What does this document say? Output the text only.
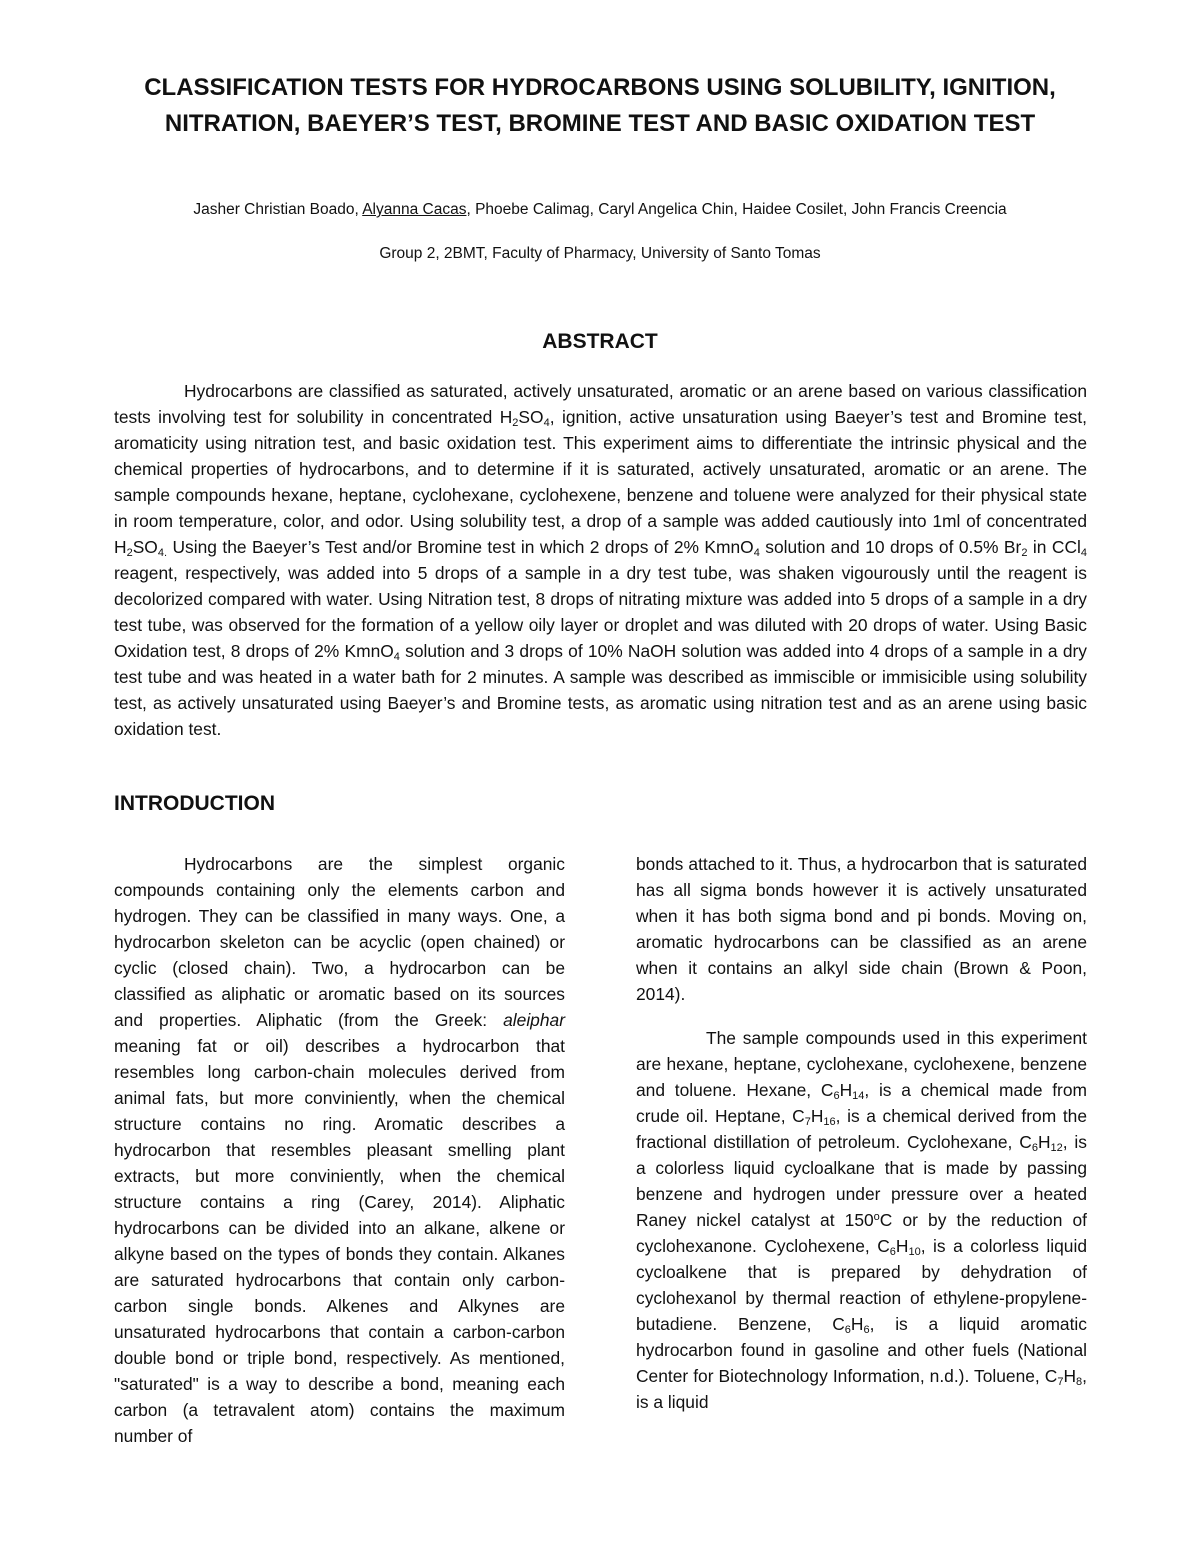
CLASSIFICATION TESTS FOR HYDROCARBONS USING SOLUBILITY, IGNITION, NITRATION, BAEYER’S TEST, BROMINE TEST AND BASIC OXIDATION TEST

Jasher Christian Boado, Alyanna Cacas, Phoebe Calimag, Caryl Angelica Chin, Haidee Cosilet, John Francis Creencia

Group 2, 2BMT, Faculty of Pharmacy, University of Santo Tomas

ABSTRACT

Hydrocarbons are classified as saturated, actively unsaturated, aromatic or an arene based on various classification tests involving test for solubility in concentrated $H_2SO_4$, ignition, active unsaturation using Baeyer’s test and Bromine test, aromaticity using nitration test, and basic oxidation test. This experiment aims to differentiate the intrinsic physical and the chemical properties of hydrocarbons, and to determine if it is saturated, actively unsaturated, aromatic or an arene. The sample compounds hexane, heptane, cyclohexane, cyclohexene, benzene and toluene were analyzed for their physical state in room temperature, color, and odor. Using solubility test, a drop of a sample was added cautiously into 1ml of concentrated $H_2SO_{4.}$ Using the Baeyer’s Test and/or Bromine test in which 2 drops of 2% KmnO$_4$ solution and 10 drops of 0.5% $Br_2$ in CCl$_4$ reagent, respectively, was added into 5 drops of a sample in a dry test tube, was shaken vigourously until the reagent is decolorized compared with water. Using Nitration test, 8 drops of nitrating mixture was added into 5 drops of a sample in a dry test tube, was observed for the formation of a yellow oily layer or droplet and was diluted with 20 drops of water. Using Basic Oxidation test, 8 drops of 2% KmnO$_4$ solution and 3 drops of 10% NaOH solution was added into 4 drops of a sample in a dry test tube and was heated in a water bath for 2 minutes. A sample was described as immiscible or immisicible using solubility test, as actively unsaturated using Baeyer’s and Bromine tests, as aromatic using nitration test and as an arene using basic oxidation test.

INTRODUCTION

Hydrocarbons are the simplest organic compounds containing only the elements carbon and hydrogen. They can be classified in many ways. One, a hydrocarbon skeleton can be acyclic (open chained) or cyclic (closed chain). Two, a hydrocarbon can be classified as aliphatic or aromatic based on its sources and properties. Aliphatic (from the Greek: aleiphar meaning fat or oil) describes a hydrocarbon that resembles long carbon-chain molecules derived from animal fats, but more conviniently, when the chemical structure contains no ring. Aromatic describes a hydrocarbon that resembles pleasant smelling plant extracts, but more conviniently, when the chemical structure contains a ring (Carey, 2014). Aliphatic hydrocarbons can be divided into an alkane, alkene or alkyne based on the types of bonds they contain. Alkanes are saturated hydrocarbons that contain only carbon-carbon single bonds. Alkenes and Alkynes are unsaturated hydrocarbons that contain a carbon-carbon double bond or triple bond, respectively. As mentioned, "saturated" is a way to describe a bond, meaning each carbon (a tetravalent atom) contains the maximum number of

bonds attached to it. Thus, a hydrocarbon that is saturated has all sigma bonds however it is actively unsaturated when it has both sigma bond and pi bonds. Moving on, aromatic hydrocarbons can be classified as an arene when it contains an alkyl side chain (Brown & Poon, 2014).

The sample compounds used in this experiment are hexane, heptane, cyclohexane, cyclohexene, benzene and toluene. Hexane, $C_6H_{14}$, is a chemical made from crude oil. Heptane, $C_7H_{16}$, is a chemical derived from the fractional distillation of petroleum. Cyclohexane, $C_6H_{12}$, is a colorless liquid cycloalkane that is made by passing benzene and hydrogen under pressure over a heated Raney nickel catalyst at 150$^o$C or by the reduction of cyclohexanone. Cyclohexene, $C_6H_{10}$, is a colorless liquid cycloalkene that is prepared by dehydration of cyclohexanol by thermal reaction of ethylene-propylene-butadiene. Benzene, $C_6H_6$, is a liquid aromatic hydrocarbon found in gasoline and other fuels (National Center for Biotechnology Information, n.d.). Toluene, $C_7H_8$, is a liquid
